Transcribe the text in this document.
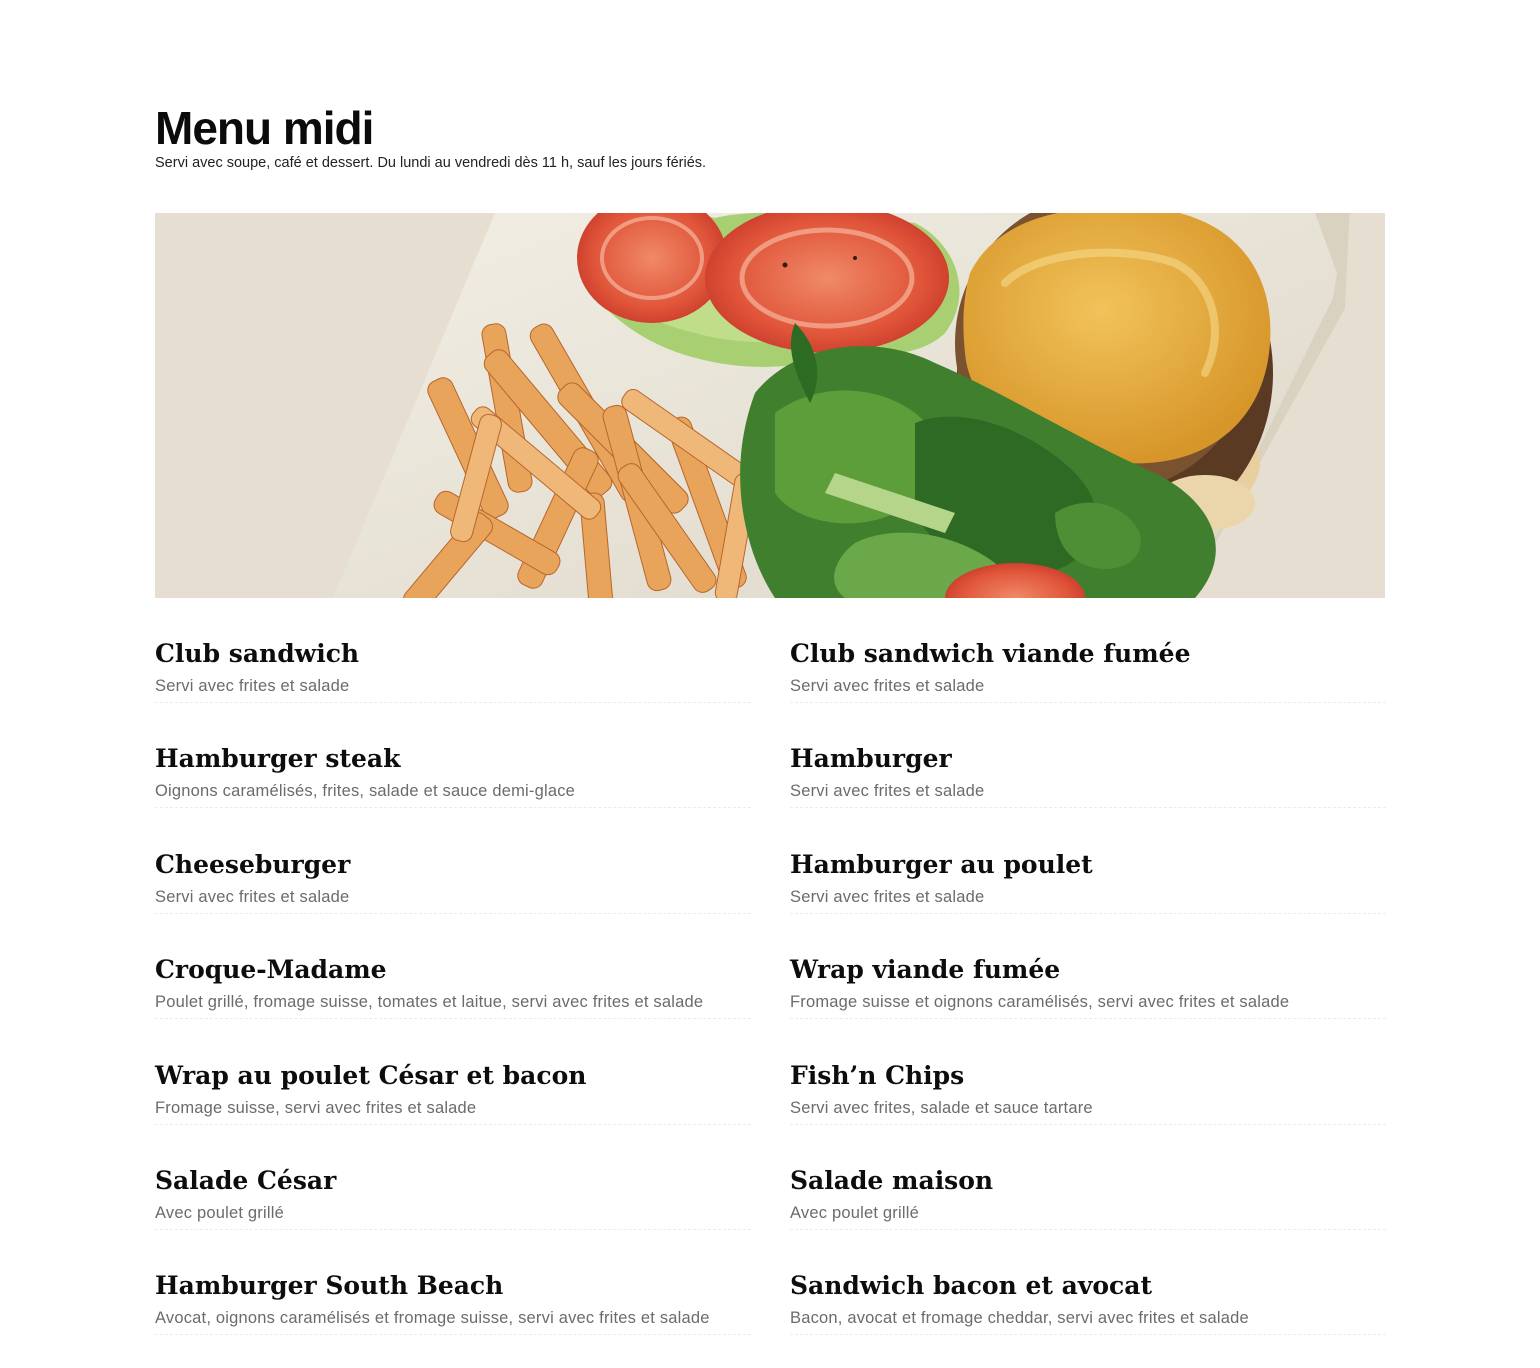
Menu midi

Servi avec soupe, café et dessert. Du lundi au vendredi dès 11 h, sauf les jours fériés.

Club sandwich

Servi avec frites et salade

Club sandwich viande fumée

Servi avec frites et salade

Hamburger steak

Oignons caramélisés, frites, salade et sauce demi-glace

Hamburger

Servi avec frites et salade

Cheeseburger

Servi avec frites et salade

Hamburger au poulet

Servi avec frites et salade

Croque-Madame

Poulet grillé, fromage suisse, tomates et laitue, servi avec frites et salade

Wrap viande fumée

Fromage suisse et oignons caramélisés, servi avec frites et salade

Wrap au poulet César et bacon

Fromage suisse, servi avec frites et salade

Fish’n Chips

Servi avec frites, salade et sauce tartare

Salade César

Avec poulet grillé

Salade maison

Avec poulet grillé

Hamburger South Beach

Avocat, oignons caramélisés et fromage suisse, servi avec frites et salade

Sandwich bacon et avocat

Bacon, avocat et fromage cheddar, servi avec frites et salade
